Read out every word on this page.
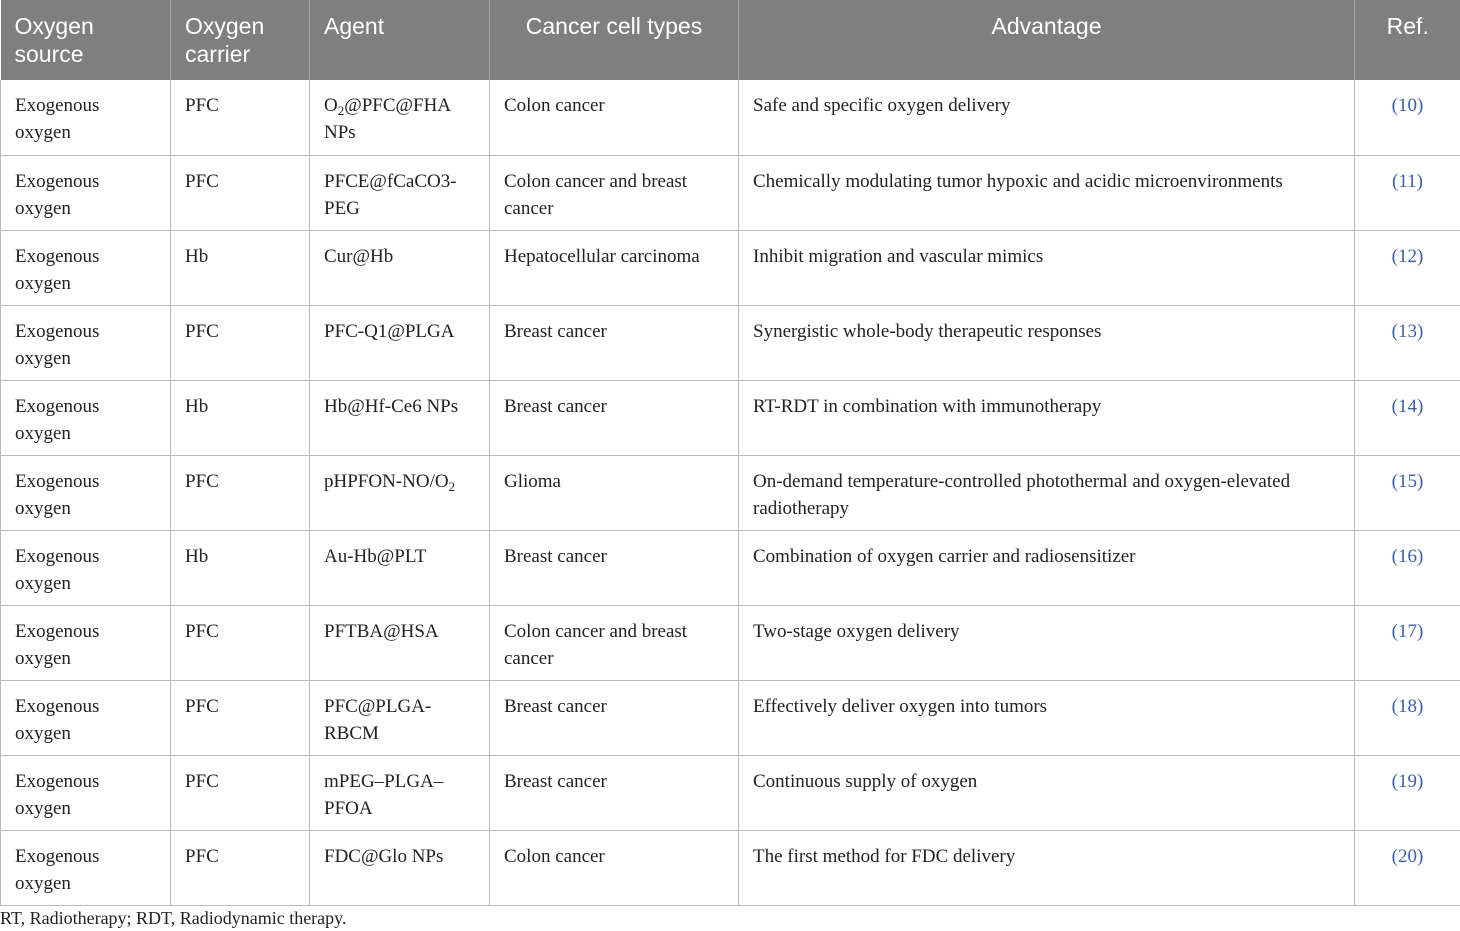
Oxygen source	Oxygen carrier	Agent	Cancer cell types	Advantage	Ref.
Exogenous oxygen	PFC	$O_2@PFC@FHA$ NPs	Colon cancer	Safe and specific oxygen delivery	(10)
Exogenous oxygen	PFC	PFCE@fCaCO3-PEG	Colon cancer and breast cancer	Chemically modulating tumor hypoxic and acidic microenvironments	(11)
Exogenous oxygen	Hb	Cur@Hb	Hepatocellular carcinoma	Inhibit migration and vascular mimics	(12)
Exogenous oxygen	PFC	PFC-Q1@PLGA	Breast cancer	Synergistic whole-body therapeutic responses	(13)
Exogenous oxygen	Hb	Hb@Hf-Ce6 NPs	Breast cancer	RT-RDT in combination with immunotherapy	(14)
Exogenous oxygen	PFC	pHPFON-$NO/O_2$	Glioma	On-demand temperature-controlled photothermal and oxygen-elevated radiotherapy	(15)
Exogenous oxygen	Hb	Au-Hb@PLT	Breast cancer	Combination of oxygen carrier and radiosensitizer	(16)
Exogenous oxygen	PFC	PFTBA@HSA	Colon cancer and breast cancer	Two-stage oxygen delivery	(17)
Exogenous oxygen	PFC	PFC@PLGA-RBCM	Breast cancer	Effectively deliver oxygen into tumors	(18)
Exogenous oxygen	PFC	mPEG–PLGA–PFOA	Breast cancer	Continuous supply of oxygen	(19)
Exogenous oxygen	PFC	FDC@Glo NPs	Colon cancer	The first method for FDC delivery	(20)
RT, Radiotherapy; RDT, Radiodynamic therapy.
